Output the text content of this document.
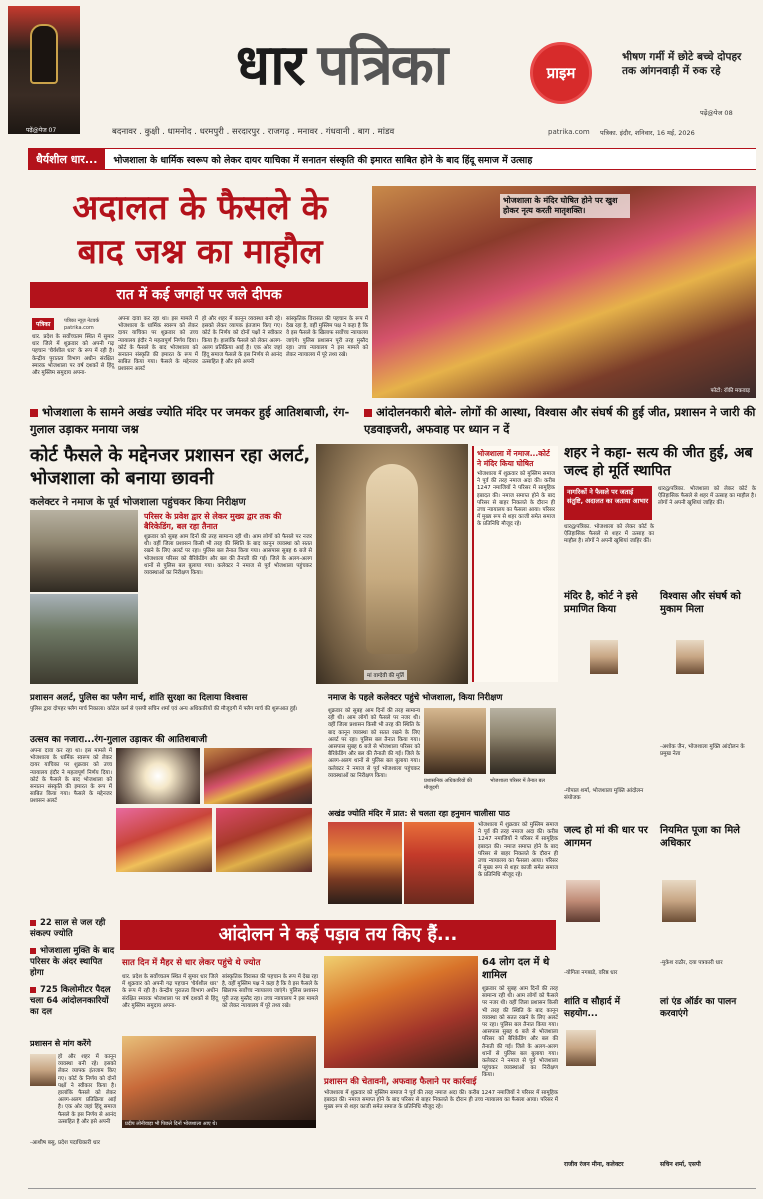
पढ़ें@पेज 07
धार पत्रिका	प्राइम
भीषण गर्मी में छोटे बच्चे दोपहर तक आंगनवाड़ी में रुक रहे
पढ़ें@पेज 08
बदनावर . कुक्षी . धामनोद . धरमपुरी . सरदारपुर . राजगढ़ . मनावर . गंधवानी . बाग . मांडव	patrika.com पत्रिका. इंदौर, शनिवार, 16 मई, 2026
धैर्यशील धार...	भोजशाला के धार्मिक स्वरूप को लेकर दायर याचिका में सनातन संस्कृति की इमारत साबित होने के बाद हिंदू समाज में उत्साह
अदालत के फैसले के
बाद जश्न का माहौल
रात में कई जगहों पर जले दीपक
पत्रिका	पत्रिका न्यूज़ नेटवर्क patrika.com
धार. प्रदेश के सर्वोच्चतम स्थित में सुमार धार जिले में शुक्रवार को अपनी गढ़ पहचान 'धैर्यशील धार' के रूप में रही है। केन्द्रीय पुरातत्व विभाग अधीन संरक्षित स्मारक भोजशाला पर वर्ष दशकों से हिंदू और मुस्लिम समुदाय अपना-
अपना दावा कर रहा था। इस मामले में भोजशाला के धार्मिक स्वरूप को लेकर दायर याचिका पर शुक्रवार को उच्च न्यायालय इंदौर ने महत्वपूर्ण निर्णय दिया। कोर्ट के फैसले के बाद भोजशाला को सनातन संस्कृति की इमारत के रूप में साबित किया गया। फैसले के मद्देनजर प्रशासन अलर्ट
हो और शहर में कानून व्यवस्था बनी रहे। इसको लेकर व्यापक इंतजाम किए गए। कोर्ट के निर्णय को दोनों पक्षों ने स्वीकार किया है। हालांकि फैसले को लेकर अलग-अलग प्रतिक्रिया आई है। एक ओर जहां हिंदू समाज फैसले के इस निर्णय से आनंद उत्साहित है और इसे अपनी
सांस्कृतिक विरासत की पहचान के रूप में देख रहा है, वहीं मुस्लिम पक्ष ने कहा है कि वे इस फैसले के खिलाफ सर्वोच्च न्यायालय जाएंगे। पुलिस प्रशासन पूरी तरह मुस्तैद रहा। उच्च न्यायालय ने इस मामले को लेकर न्यायालय में पूरे तथ्य रखे।
भोजशाला के मंदिर घोषित होने पर खुश होकर नृत्य करती मातृशक्ति।
फोटो: रॉकी मकवाड़
भोजशाला के सामने अखंड ज्योति मंदिर पर जमकर हुई आतिशबाजी, रंग-गुलाल उड़ाकर मनाया जश्न
आंदोलनकारी बोले- लोगों की आस्था, विश्वास और संघर्ष की हुई जीत, प्रशासन ने जारी की एडवाइजरी, अफवाह पर ध्यान न दें
कोर्ट फैसले के मद्देनजर प्रशासन रहा अलर्ट, भोजशाला को बनाया छावनी
कलेक्टर ने नमाज के पूर्व भोजशाला पहुंचकर किया निरीक्षण
परिसर के प्रवेश द्वार से लेकर मुख्य द्वार तक की बैरिकेडिंग, बल रहा तैनात
शुक्रवार को सुबह आम दिनों की तरह सामान्य रही थी। आम लोगों को फैसले पर नजर थी। वहीं जिला प्रशासन किसी भी तरह की स्थिति के बाद कानून व्यवस्था को सतत रखने के लिए अलर्ट पर रहा। पुलिस बल तैनात किया गया। आसपास सुबह 6 बजे से भोजशाला परिसर को बैरिकेडिंग और बल की तैनाती की गई। जिले के अलग-अलग थानों से पुलिस बल बुलाया गया। कलेक्टर ने नमाज से पूर्व भोजशाला पहुंचकर व्यवस्थाओं का निरीक्षण किया।
मां वाग्देवी की मूर्ति
भोजशाला में नमाज...कोर्ट ने मंदिर किया घोषित
भोजशाला में शुक्रवार को मुस्लिम समाज ने पूर्व की तरह नमाज अदा की। करीब 1247 नमाजियों ने परिसर में सामूहिक इबादत की। नमाज समाप्त होने के बाद परिसर से बाहर निकलते के दौरान ही उच्च न्यायालय का फैसला आया। परिसर में मुख्य रूप से शहर काजी समेत समाज के प्रतिनिधि मौजूद रहे।
शहर ने कहा- सत्य की जीत हुई, अब जल्द हो मूर्ति स्थापित
नागरिकों ने फैसले पर जताई संतुष्टि, अदालत का जताया आभार
धार@पत्रिका. भोजशाला को लेकर कोर्ट के ऐतिहासिक फैसले से शहर में उत्साह का माहौल है। लोगों ने अपनी खुशियां जाहिर कीं।
धार@पत्रिका. भोजशाला को लेकर कोर्ट के ऐतिहासिक फैसले से शहर में उत्साह का माहौल है। लोगों ने अपनी खुशियां जाहिर कीं।
मंदिर है, कोर्ट ने इसे प्रमाणित किया
विश्वास और संघर्ष को मुकाम मिला
-गोपाल शर्मा, भोजशाला मुक्ति आंदोलन संयोजक
-अशोक जैन, भोजशाला मुक्ति आंदोलन के प्रमुख नेता
जल्द हो मां की धार पर आगमन
नियमित पूजा का मिले अधिकार
-योगिता नगबाडे, वरिष्ठ धार
-मुकेश राठौर, दया पत्रकारी धार
शांति व सौहार्द में सहयोग...
लां एंड ऑर्डर का पालन करवाएंगे
राजीव रंजन मीना, कलेक्टर	सचिन शर्मा, एसपी
प्रशासन अलर्ट, पुलिस का फ्लैग मार्च, शांति सुरक्षा का दिलाया विश्वास
पुलिस द्वारा दोपहर फ्लैग मार्च निकाला। कोटेल कर्म से एसपी सचिन शर्मा एवं अन्य अधिकारियों की मौजूदगी में फ्लैग मार्च की शुरूआत हुई।
उत्सव का नजारा...रंग-गुलाल उड़ाकर की आतिशबाजी
अपना दावा कर रहा था। इस मामले में भोजशाला के धार्मिक स्वरूप को लेकर दायर याचिका पर शुक्रवार को उच्च न्यायालय इंदौर ने महत्वपूर्ण निर्णय दिया। कोर्ट के फैसले के बाद भोजशाला को सनातन संस्कृति की इमारत के रूप में साबित किया गया। फैसले के मद्देनजर प्रशासन अलर्ट
नमाज के पहले कलेक्टर पहुंचे भोजशाला, किया निरीक्षण
शुक्रवार को सुबह आम दिनों की तरह सामान्य रही थी। आम लोगों को फैसले पर नजर थी। वहीं जिला प्रशासन किसी भी तरह की स्थिति के बाद कानून व्यवस्था को सतत रखने के लिए अलर्ट पर रहा। पुलिस बल तैनात किया गया। आसपास सुबह 6 बजे से भोजशाला परिसर को बैरिकेडिंग और बल की तैनाती की गई। जिले के अलग-अलग थानों से पुलिस बल बुलाया गया। कलेक्टर ने नमाज से पूर्व भोजशाला पहुंचकर व्यवस्थाओं का निरीक्षण किया।
प्रशासनिक अधिकारियों की मौजूदगी
भोजशाला परिसर में तैनात बल
अखंड ज्योति मंदिर में प्रात: से चलता रहा हनुमान चालीसा पाठ
भोजशाला में शुक्रवार को मुस्लिम समाज ने पूर्व की तरह नमाज अदा की। करीब 1247 नमाजियों ने परिसर में सामूहिक इबादत की। नमाज समाप्त होने के बाद परिसर से बाहर निकलते के दौरान ही उच्च न्यायालय का फैसला आया। परिसर में मुख्य रूप से शहर काजी समेत समाज के प्रतिनिधि मौजूद रहे।
22 साल से जल रही संकल्प ज्योति
भोजशाला मुक्ति के बाद परिसर के अंदर स्थापित होगा
725 किलोमीटर पैदल चला 64 आंदोलनकारियों का दल
प्रशासन से मांग करेंगे
हो और शहर में कानून व्यवस्था बनी रहे। इसको लेकर व्यापक इंतजाम किए गए। कोर्ट के निर्णय को दोनों पक्षों ने स्वीकार किया है। हालांकि फैसले को लेकर अलग-अलग प्रतिक्रिया आई है। एक ओर जहां हिंदू समाज फैसले के इस निर्णय से आनंद उत्साहित है और इसे अपनी
-आशीष बसु, प्रदेश पदाधिकारी धार
आंदोलन ने कई पड़ाव तय किए हैं...
सात दिन में मैहर से धार लेकर पहुंचे थे ज्योत
धार. प्रदेश के सर्वोच्चतम स्थित में सुमार धार जिले में शुक्रवार को अपनी गढ़ पहचान 'धैर्यशील धार' के रूप में रही है। केन्द्रीय पुरातत्व विभाग अधीन संरक्षित स्मारक भोजशाला पर वर्ष दशकों से हिंदू और मुस्लिम समुदाय अपना-
सांस्कृतिक विरासत की पहचान के रूप में देख रहा है, वहीं मुस्लिम पक्ष ने कहा है कि वे इस फैसले के खिलाफ सर्वोच्च न्यायालय जाएंगे। पुलिस प्रशासन पूरी तरह मुस्तैद रहा। उच्च न्यायालय ने इस मामले को लेकर न्यायालय में पूरे तथ्य रखे।
प्रदीप लोनीवाड़ा भी पिछले दिनों भोजशाला आए थे।
64 लोग दल में थे शामिल
शुक्रवार को सुबह आम दिनों की तरह सामान्य रही थी। आम लोगों को फैसले पर नजर थी। वहीं जिला प्रशासन किसी भी तरह की स्थिति के बाद कानून व्यवस्था को सतत रखने के लिए अलर्ट पर रहा। पुलिस बल तैनात किया गया। आसपास सुबह 6 बजे से भोजशाला परिसर को बैरिकेडिंग और बल की तैनाती की गई। जिले के अलग-अलग थानों से पुलिस बल बुलाया गया। कलेक्टर ने नमाज से पूर्व भोजशाला पहुंचकर व्यवस्थाओं का निरीक्षण किया।
प्रशासन की चेतावनी, अफवाह फैलाने पर कार्रवाई
भोजशाला में शुक्रवार को मुस्लिम समाज ने पूर्व की तरह नमाज अदा की। करीब 1247 नमाजियों ने परिसर में सामूहिक इबादत की। नमाज समाप्त होने के बाद परिसर से बाहर निकलते के दौरान ही उच्च न्यायालय का फैसला आया। परिसर में मुख्य रूप से शहर काजी समेत समाज के प्रतिनिधि मौजूद रहे।
